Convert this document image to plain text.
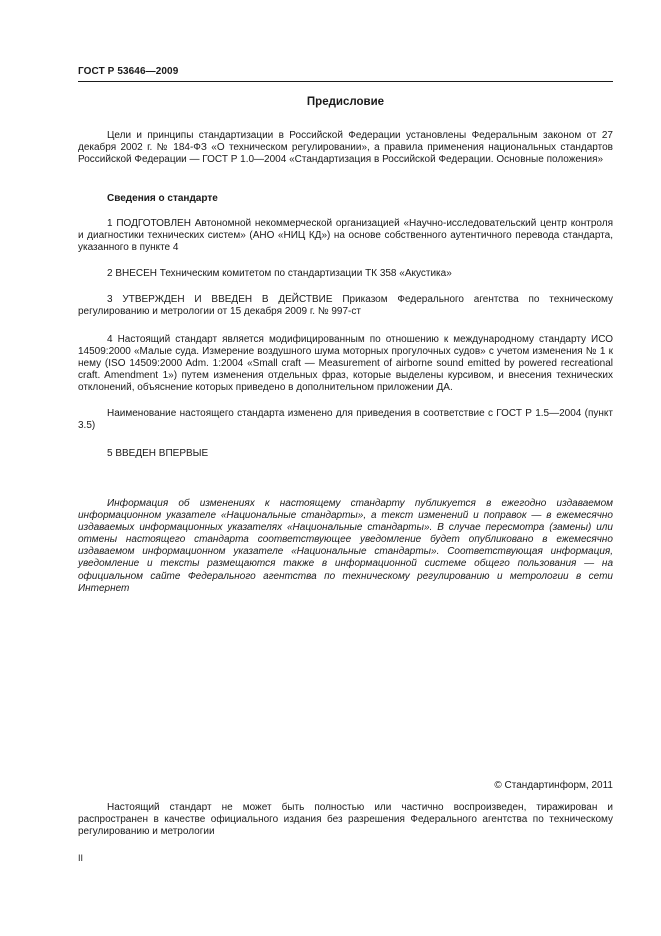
ГОСТ Р 53646—2009
Предисловие

Цели и принципы стандартизации в Российской Федерации установлены Федеральным законом от 27 декабря 2002 г. № 184-ФЗ «О техническом регулировании», а правила применения национальных стандартов Российской Федерации — ГОСТ Р 1.0—2004 «Стандартизация в Российской Федерации. Основные положения»

Сведения о стандарте

1 ПОДГОТОВЛЕН Автономной некоммерческой организацией «Научно-исследовательский центр контроля и диагностики технических систем» (АНО «НИЦ КД») на основе собственного аутентичного перевода стандарта, указанного в пункте 4

2 ВНЕСЕН Техническим комитетом по стандартизации ТК 358 «Акустика»

3 УТВЕРЖДЕН И ВВЕДЕН В ДЕЙСТВИЕ Приказом Федерального агентства по техническому регулированию и метрологии от 15 декабря 2009 г. № 997-ст

4 Настоящий стандарт является модифицированным по отношению к международному стандарту ИСО 14509:2000 «Малые суда. Измерение воздушного шума моторных прогулочных судов» с учетом изменения № 1 к нему (ISO 14509:2000 Adm. 1:2004 «Small craft — Measurement of airborne sound emitted by powered recreational craft. Amendment 1») путем изменения отдельных фраз, которые выделены курсивом, и внесения технических отклонений, объяснение которых приведено в дополнительном приложении ДА.

Наименование настоящего стандарта изменено для приведения в соответствие с ГОСТ Р 1.5—2004 (пункт 3.5)

5 ВВЕДЕН ВПЕРВЫЕ

Информация об изменениях к настоящему стандарту публикуется в ежегодно издаваемом информационном указателе «Национальные стандарты», а текст изменений и поправок — в ежемесячно издаваемых информационных указателях «Национальные стандарты». В случае пересмотра (замены) или отмены настоящего стандарта соответствующее уведомление будет опубликовано в ежемесячно издаваемом информационном указателе «Национальные стандарты». Соответствующая информация, уведомление и тексты размещаются также в информационной системе общего пользования — на официальном сайте Федерального агентства по техническому регулированию и метрологии в сети Интернет

© Стандартинформ, 2011

Настоящий стандарт не может быть полностью или частично воспроизведен, тиражирован и распространен в качестве официального издания без разрешения Федерального агентства по техническому регулированию и метрологии

II
